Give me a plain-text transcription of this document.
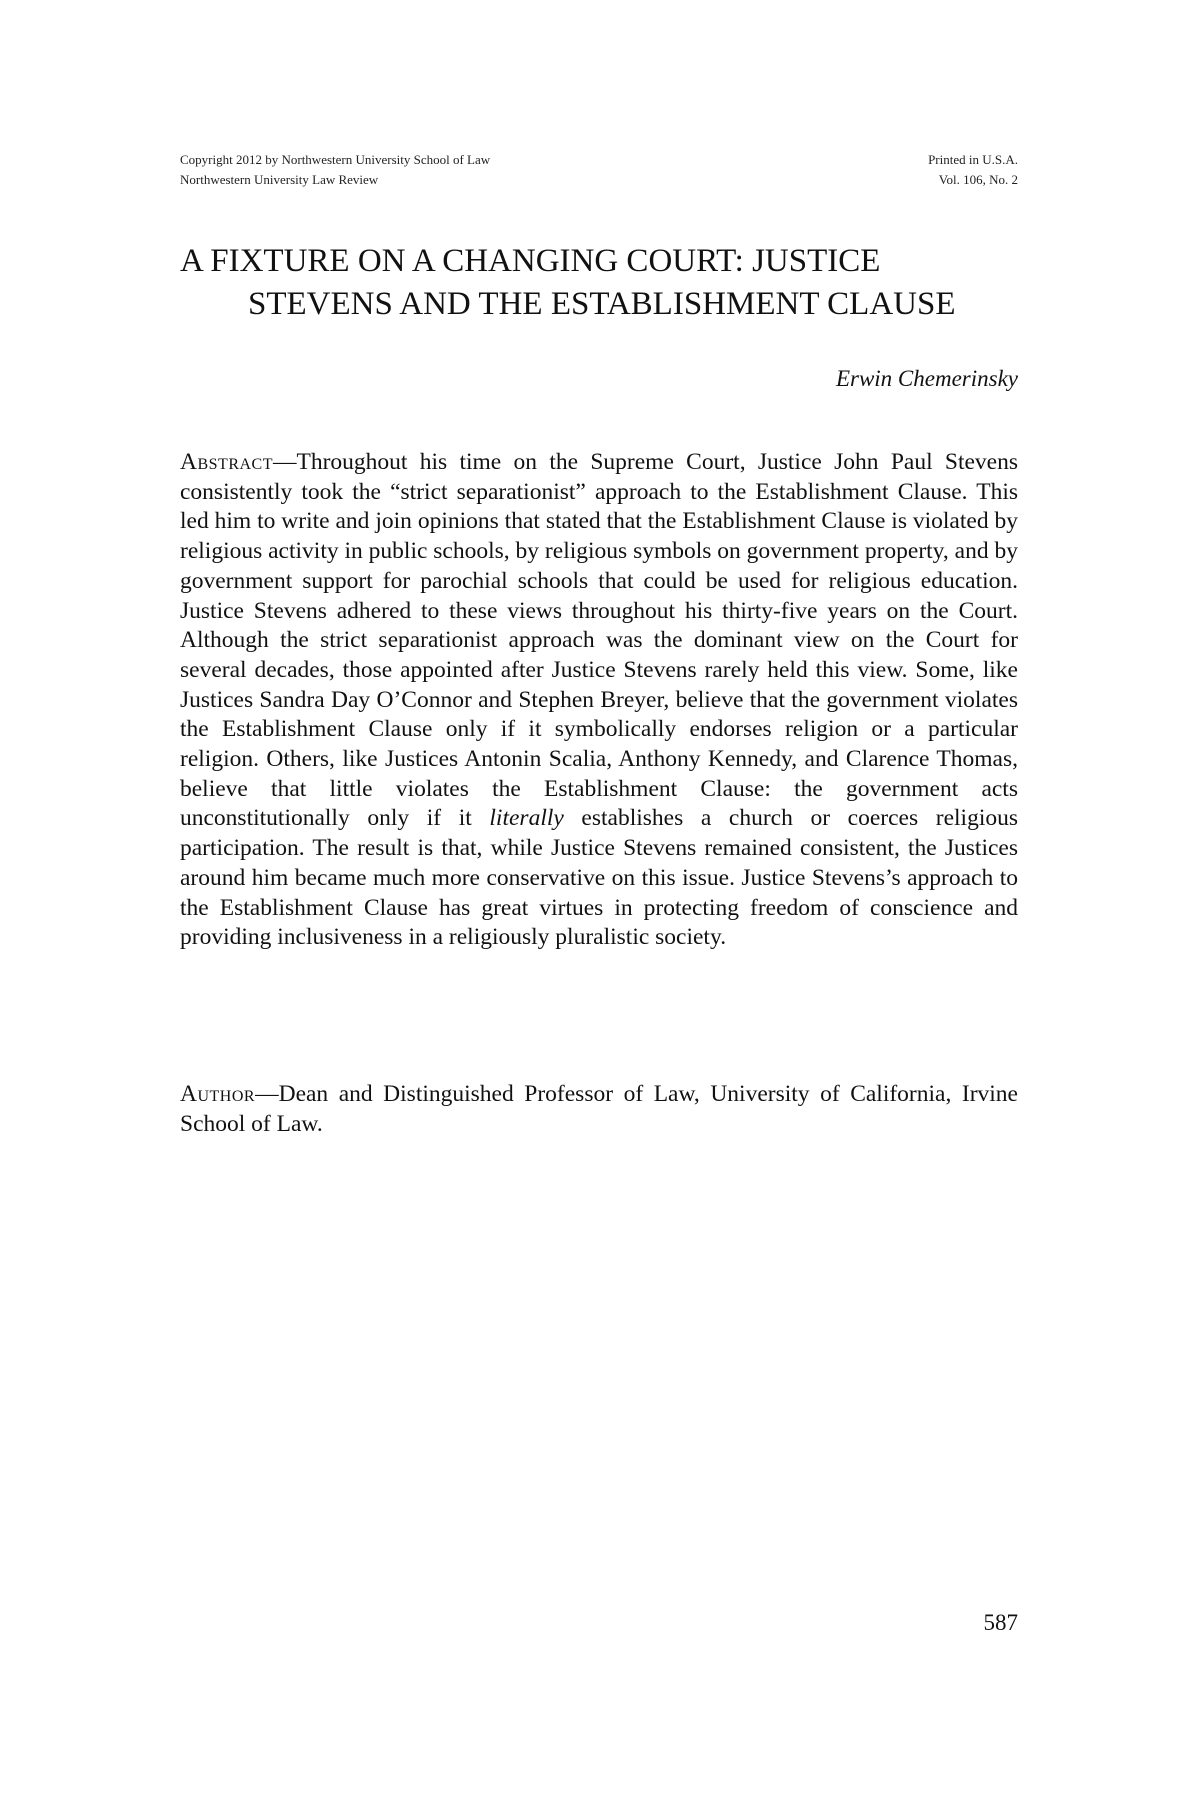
Copyright 2012 by Northwestern University School of Law	Printed in U.S.A.
Northwestern University Law Review	Vol. 106, No. 2
A FIXTURE ON A CHANGING COURT: JUSTICE
STEVENS AND THE ESTABLISHMENT CLAUSE
Erwin Chemerinsky

Abstract—Throughout his time on the Supreme Court, Justice John Paul Stevens consistently took the “strict separationist” approach to the Establishment Clause. This led him to write and join opinions that stated that the Establishment Clause is violated by religious activity in public schools, by religious symbols on government property, and by government support for parochial schools that could be used for religious education. Justice Stevens adhered to these views throughout his thirty-five years on the Court. Although the strict separationist approach was the dominant view on the Court for several decades, those appointed after Justice Stevens rarely held this view. Some, like Justices Sandra Day O’Connor and Stephen Breyer, believe that the government violates the Establishment Clause only if it symbolically endorses religion or a particular religion. Others, like Justices Antonin Scalia, Anthony Kennedy, and Clarence Thomas, believe that little violates the Establishment Clause: the government acts unconstitutionally only if it literally establishes a church or coerces religious participation. The result is that, while Justice Stevens remained consistent, the Justices around him became much more conservative on this issue. Justice Stevens’s approach to the Establishment Clause has great virtues in protecting freedom of conscience and providing inclusiveness in a religiously pluralistic society.

Author—Dean and Distinguished Professor of Law, University of California, Irvine School of Law.

587
